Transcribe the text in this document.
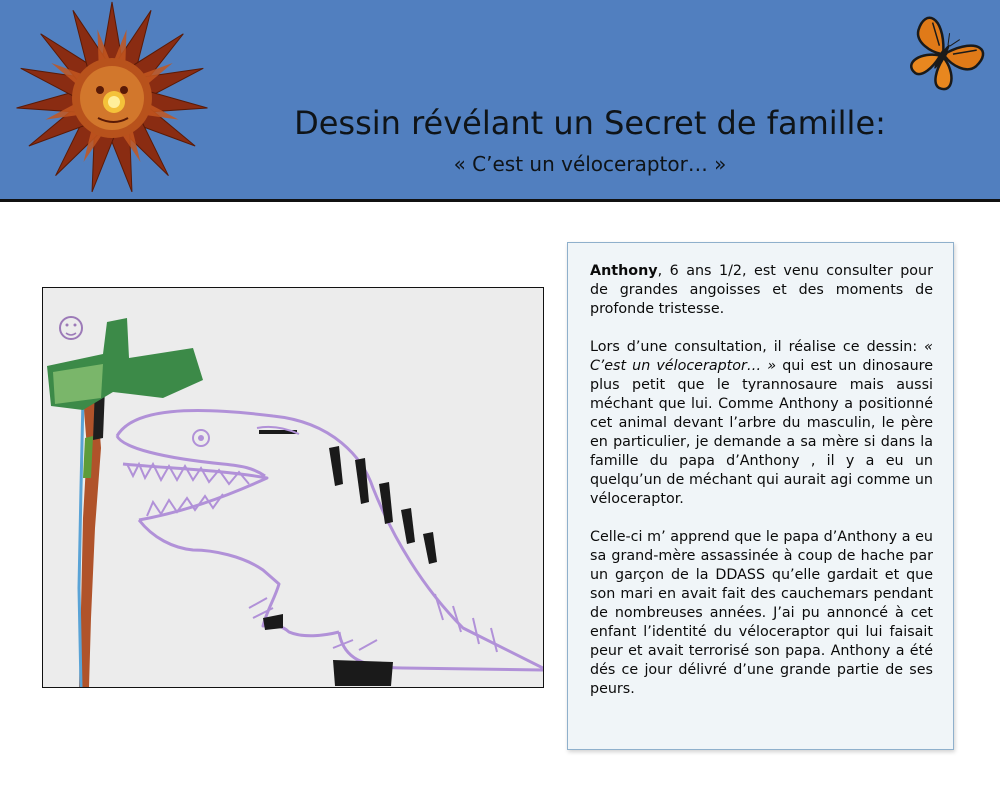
Dessin révélant un Secret de famille:
« C’est un véloceraptor… »

Anthony, 6 ans 1/2, est venu consulter pour de grandes angoisses et des moments de profonde tristesse.

Lors d’une consultation, il réalise ce dessin: « C’est un véloceraptor… » qui est un dinosaure plus petit que le tyrannosaure mais aussi méchant que lui. Comme Anthony a positionné cet animal devant l’arbre du masculin, le père en particulier, je demande a sa mère si dans la famille du papa d’Anthony , il y a eu un quelqu’un de méchant qui aurait agi comme un véloceraptor.

Celle-ci m’ apprend que le papa d’Anthony a eu sa grand-mère assassinée à coup de hache par un garçon de la DDASS qu’elle gardait et que son mari en avait fait des cauchemars pendant de nombreuses années. J’ai pu annoncé à cet enfant l’identité du véloceraptor qui lui faisait peur et avait terrorisé son papa. Anthony a été dés ce jour délivré d’une grande partie de ses peurs.
